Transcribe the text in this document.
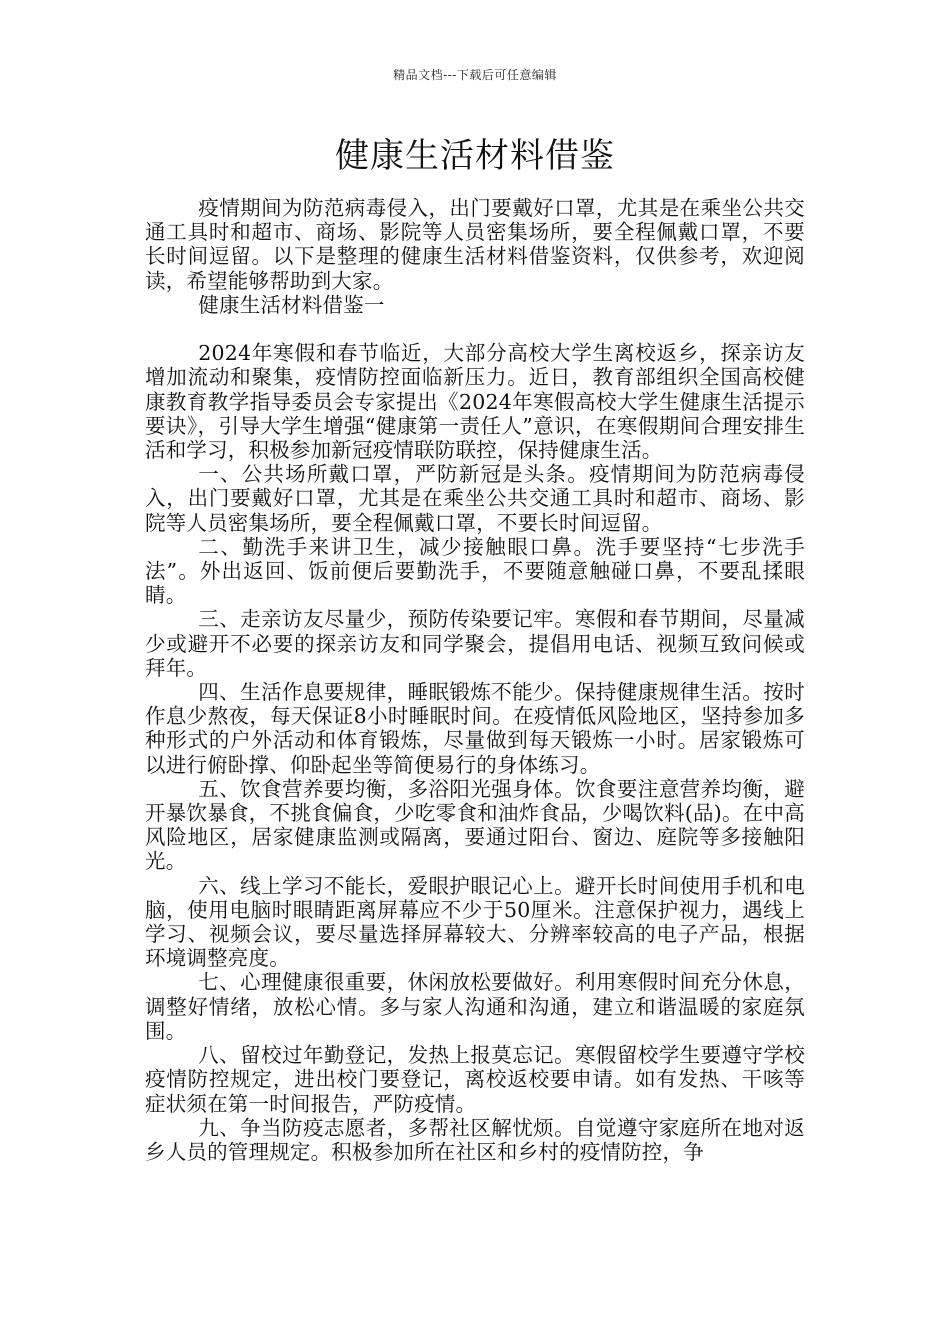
精品文档---下载后可任意编辑
健康生活材料借鉴

疫情期间为防范病毒侵入，出门要戴好口罩，尤其是在乘坐公共交通工具时和超市、商场、影院等人员密集场所，要全程佩戴口罩，不要长时间逗留。以下是整理的健康生活材料借鉴资料，仅供参考，欢迎阅读，希望能够帮助到大家。

健康生活材料借鉴一

2024年寒假和春节临近，大部分高校大学生离校返乡，探亲访友增加流动和聚集，疫情防控面临新压力。近日，教育部组织全国高校健康教育教学指导委员会专家提出《2024年寒假高校大学生健康生活提示要诀》，引导大学生增强“健康第一责任人”意识，在寒假期间合理安排生活和学习，积极参加新冠疫情联防联控，保持健康生活。

一、公共场所戴口罩，严防新冠是头条。疫情期间为防范病毒侵入，出门要戴好口罩，尤其是在乘坐公共交通工具时和超市、商场、影院等人员密集场所，要全程佩戴口罩，不要长时间逗留。

二、勤洗手来讲卫生，减少接触眼口鼻。洗手要坚持“七步洗手法”。外出返回、饭前便后要勤洗手，不要随意触碰口鼻，不要乱揉眼睛。

三、走亲访友尽量少，预防传染要记牢。寒假和春节期间，尽量减少或避开不必要的探亲访友和同学聚会，提倡用电话、视频互致问候或拜年。

四、生活作息要规律，睡眠锻炼不能少。保持健康规律生活。按时作息少熬夜，每天保证8小时睡眠时间。在疫情低风险地区，坚持参加多种形式的户外活动和体育锻炼，尽量做到每天锻炼一小时。居家锻炼可以进行俯卧撑、仰卧起坐等简便易行的身体练习。

五、饮食营养要均衡，多浴阳光强身体。饮食要注意营养均衡，避开暴饮暴食，不挑食偏食，少吃零食和油炸食品，少喝饮料(品)。在中高风险地区，居家健康监测或隔离，要通过阳台、窗边、庭院等多接触阳光。

六、线上学习不能长，爱眼护眼记心上。避开长时间使用手机和电脑，使用电脑时眼睛距离屏幕应不少于50厘米。注意保护视力，遇线上学习、视频会议，要尽量选择屏幕较大、分辨率较高的电子产品，根据环境调整亮度。

七、心理健康很重要，休闲放松要做好。利用寒假时间充分休息，调整好情绪，放松心情。多与家人沟通和沟通，建立和谐温暖的家庭氛围。

八、留校过年勤登记，发热上报莫忘记。寒假留校学生要遵守学校疫情防控规定，进出校门要登记，离校返校要申请。如有发热、干咳等症状须在第一时间报告，严防疫情。

九、争当防疫志愿者，多帮社区解忧烦。自觉遵守家庭所在地对返乡人员的管理规定。积极参加所在社区和乡村的疫情防控，争
